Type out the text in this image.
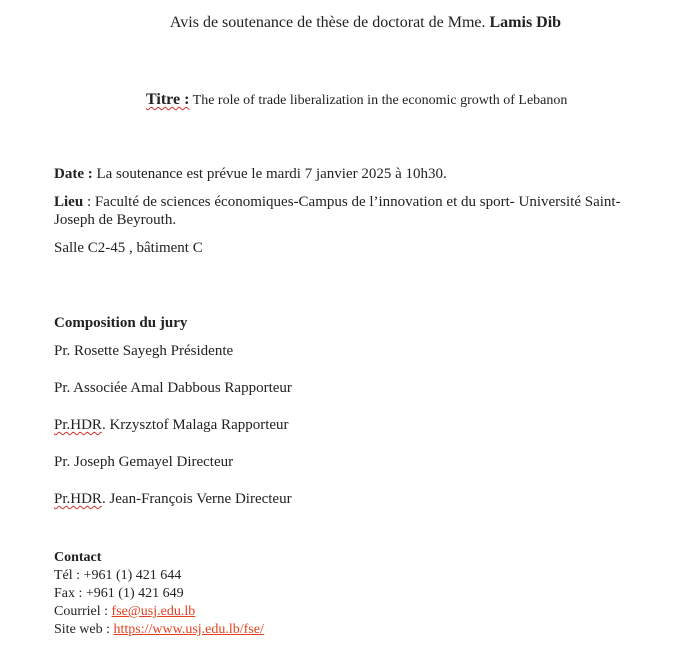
Avis de soutenance de thèse de doctorat de Mme. Lamis Dib
Titre : The role of trade liberalization in the economic growth of Lebanon
Date : La soutenance est prévue le mardi 7 janvier 2025 à 10h30.
Lieu : Faculté de sciences économiques-Campus de l’innovation et du sport- Université Saint-
Joseph de Beyrouth.
Salle C2-45 , bâtiment C
Composition du jury
Pr. Rosette Sayegh Présidente
Pr. Associée Amal Dabbous Rapporteur
Pr.HDR. Krzysztof Malaga Rapporteur
Pr. Joseph Gemayel Directeur
Pr.HDR. Jean-François Verne Directeur
Contact
Tél : +961 (1) 421 644
Fax : +961 (1) 421 649
Courriel : fse@usj.edu.lb
Site web : https://www.usj.edu.lb/fse/
